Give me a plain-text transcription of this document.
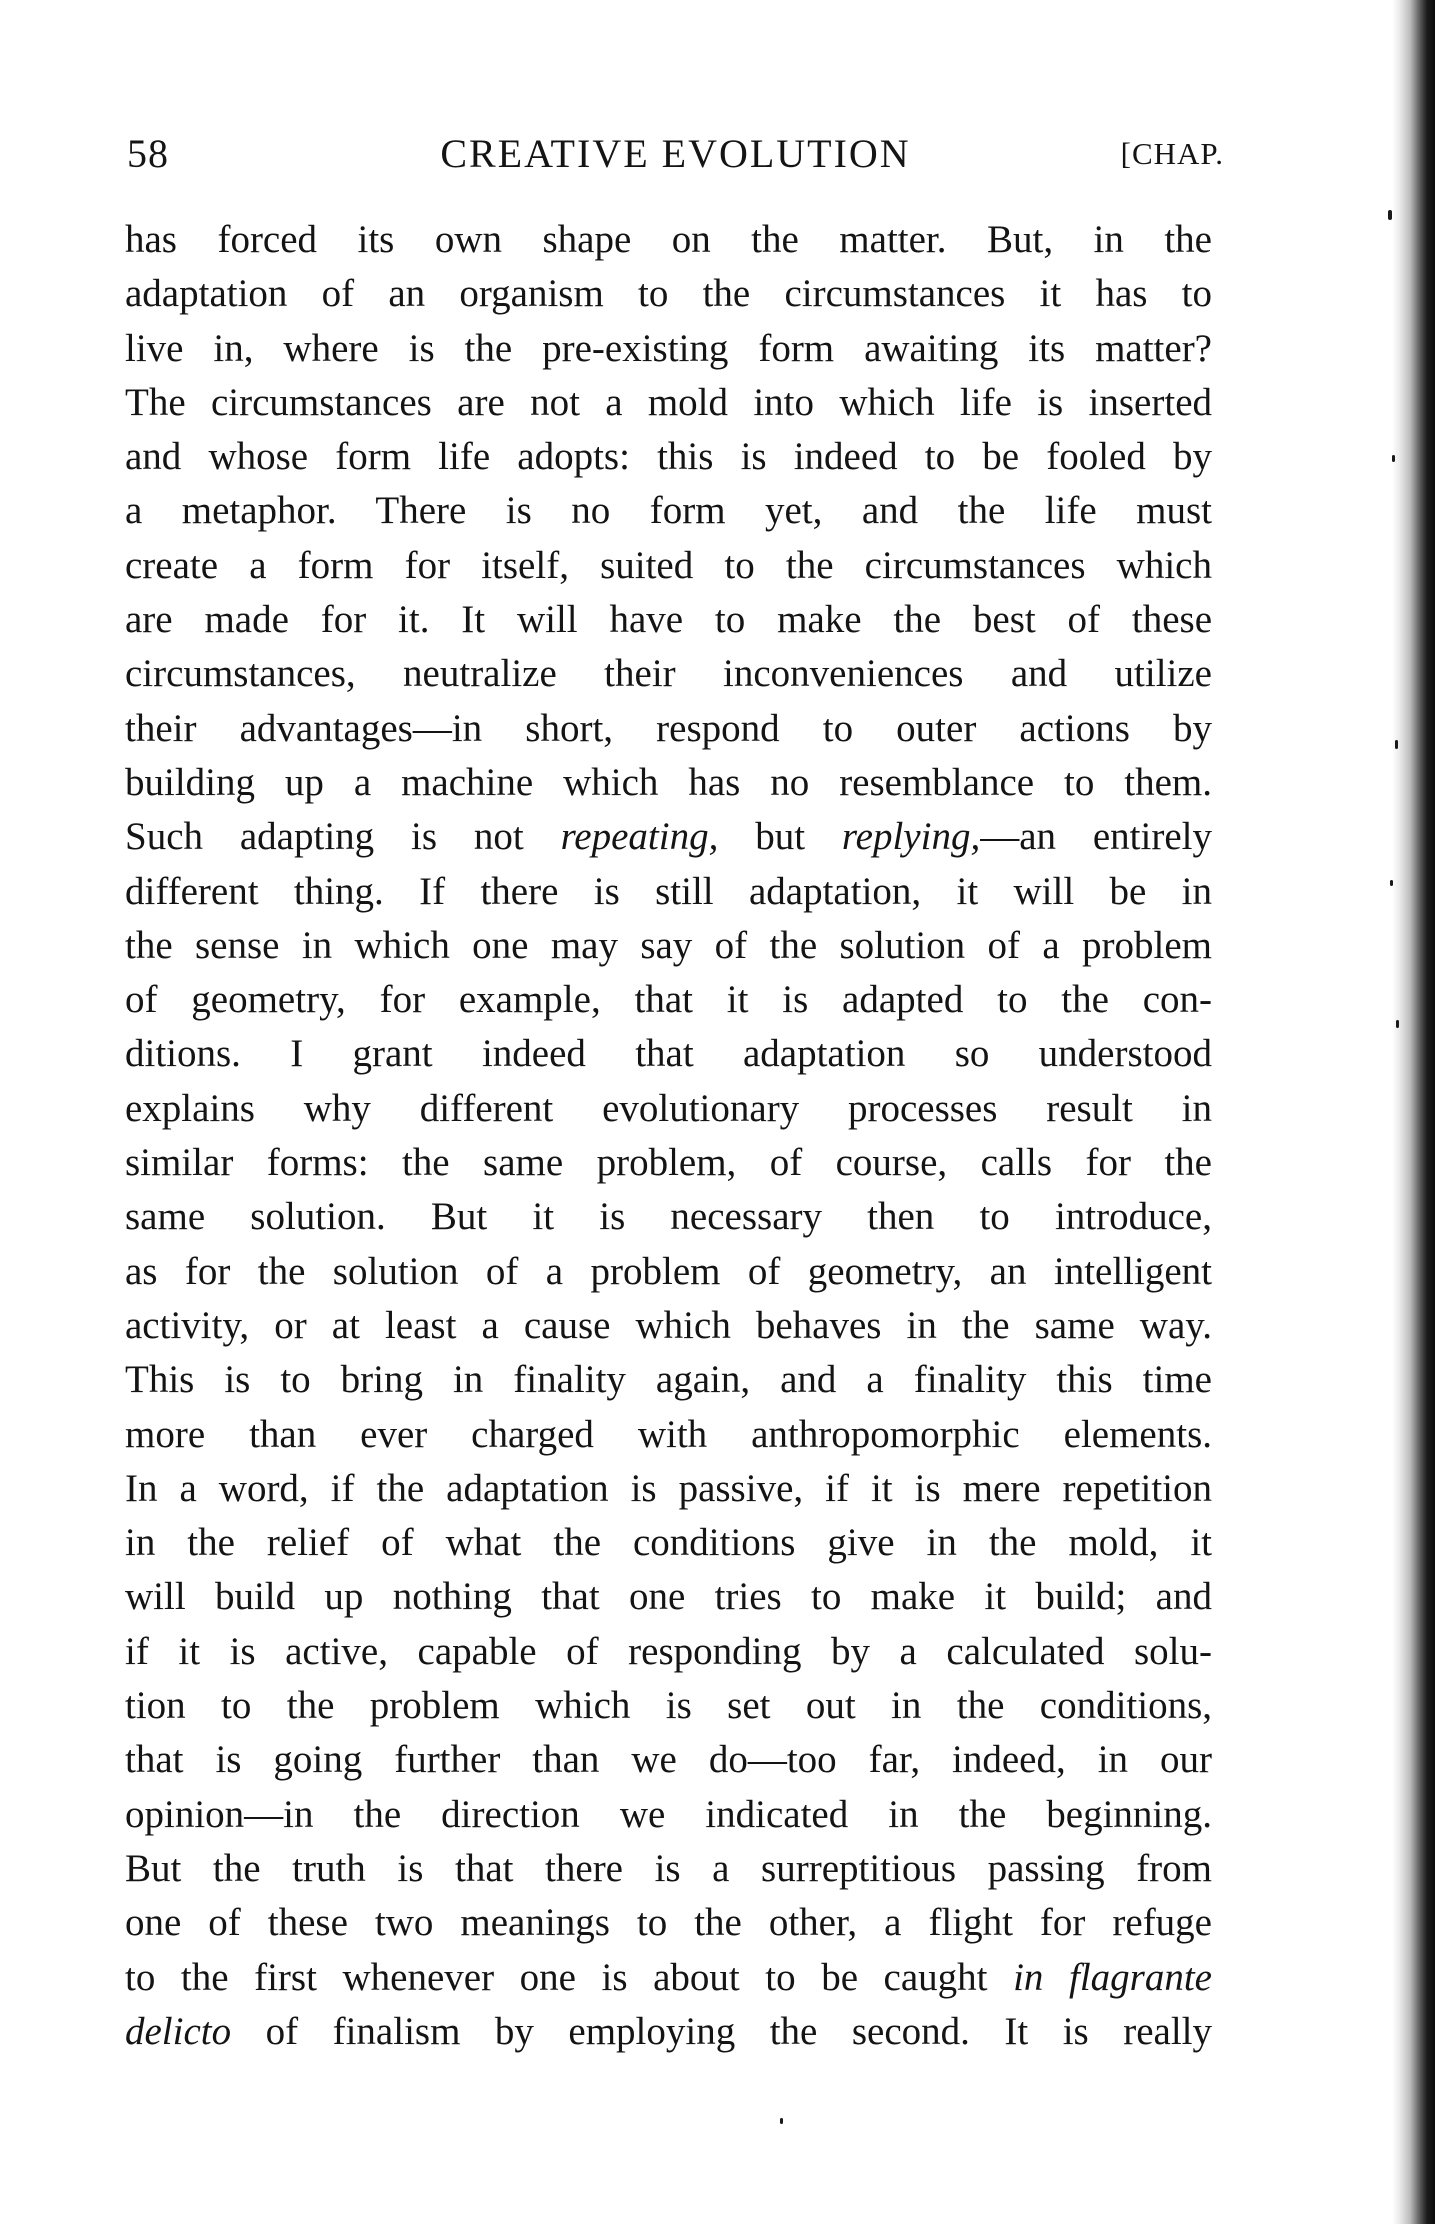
58	CREATIVE EVOLUTION	[CHAP.
has forced its own shape on the matter. But, in the
adaptation of an organism to the circumstances it has to
live in, where is the pre-existing form awaiting its matter?
The circumstances are not a mold into which life is inserted
and whose form life adopts: this is indeed to be fooled by
a metaphor. There is no form yet, and the life must
create a form for itself, suited to the circumstances which
are made for it. It will have to make the best of these
circumstances, neutralize their inconveniences and utilize
their advantages—in short, respond to outer actions by
building up a machine which has no resemblance to them.
Such adapting is not repeating, but replying,—an entirely
different thing. If there is still adaptation, it will be in
the sense in which one may say of the solution of a problem
of geometry, for example, that it is adapted to the con-
ditions. I grant indeed that adaptation so understood
explains why different evolutionary processes result in
similar forms: the same problem, of course, calls for the
same solution. But it is necessary then to introduce,
as for the solution of a problem of geometry, an intelligent
activity, or at least a cause which behaves in the same way.
This is to bring in finality again, and a finality this time
more than ever charged with anthropomorphic elements.
In a word, if the adaptation is passive, if it is mere repetition
in the relief of what the conditions give in the mold, it
will build up nothing that one tries to make it build; and
if it is active, capable of responding by a calculated solu-
tion to the problem which is set out in the conditions,
that is going further than we do—too far, indeed, in our
opinion—in the direction we indicated in the beginning.
But the truth is that there is a surreptitious passing from
one of these two meanings to the other, a flight for refuge
to the first whenever one is about to be caught in flagrante
delicto of finalism by employing the second. It is really
